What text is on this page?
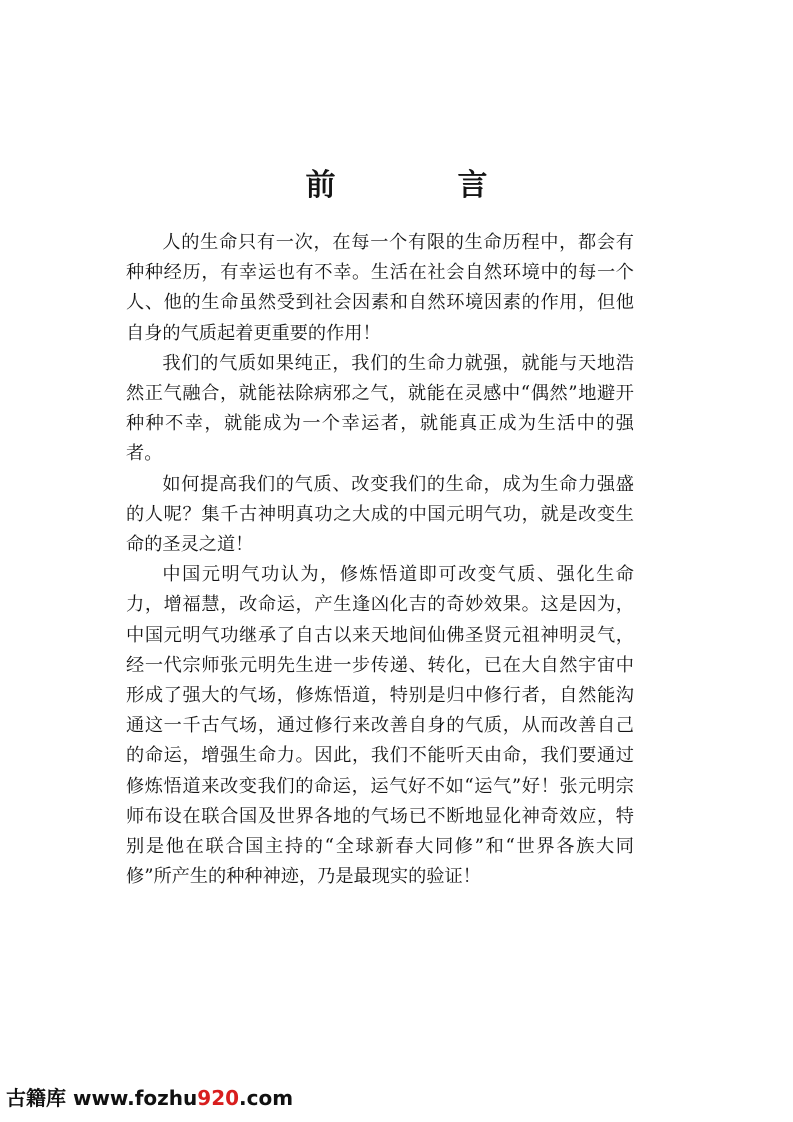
前　言

人的生命只有一次，在每一个有限的生命历程中，都会有种种经历，有幸运也有不幸。生活在社会自然环境中的每一个人、他的生命虽然受到社会因素和自然环境因素的作用，但他自身的气质起着更重要的作用！

我们的气质如果纯正，我们的生命力就强，就能与天地浩然正气融合，就能祛除病邪之气，就能在灵感中“偶然”地避开种种不幸，就能成为一个幸运者，就能真正成为生活中的强者。

如何提高我们的气质、改变我们的生命，成为生命力强盛的人呢？集千古神明真功之大成的中国元明气功，就是改变生命的圣灵之道！

中国元明气功认为，修炼悟道即可改变气质、强化生命力，增福慧，改命运，产生逢凶化吉的奇妙效果。这是因为，中国元明气功继承了自古以来天地间仙佛圣贤元祖神明灵气，经一代宗师张元明先生进一步传递、转化，已在大自然宇宙中形成了强大的气场，修炼悟道，特别是归中修行者，自然能沟通这一千古气场，通过修行来改善自身的气质，从而改善自己的命运，增强生命力。因此，我们不能听天由命，我们要通过修炼悟道来改变我们的命运，运气好不如“运气”好！张元明宗师布设在联合国及世界各地的气场已不断地显化神奇效应，特别是他在联合国主持的“全球新春大同修”和“世界各族大同修”所产生的种种神迹，乃是最现实的验证！

古籍库 www.fozhu920.com
